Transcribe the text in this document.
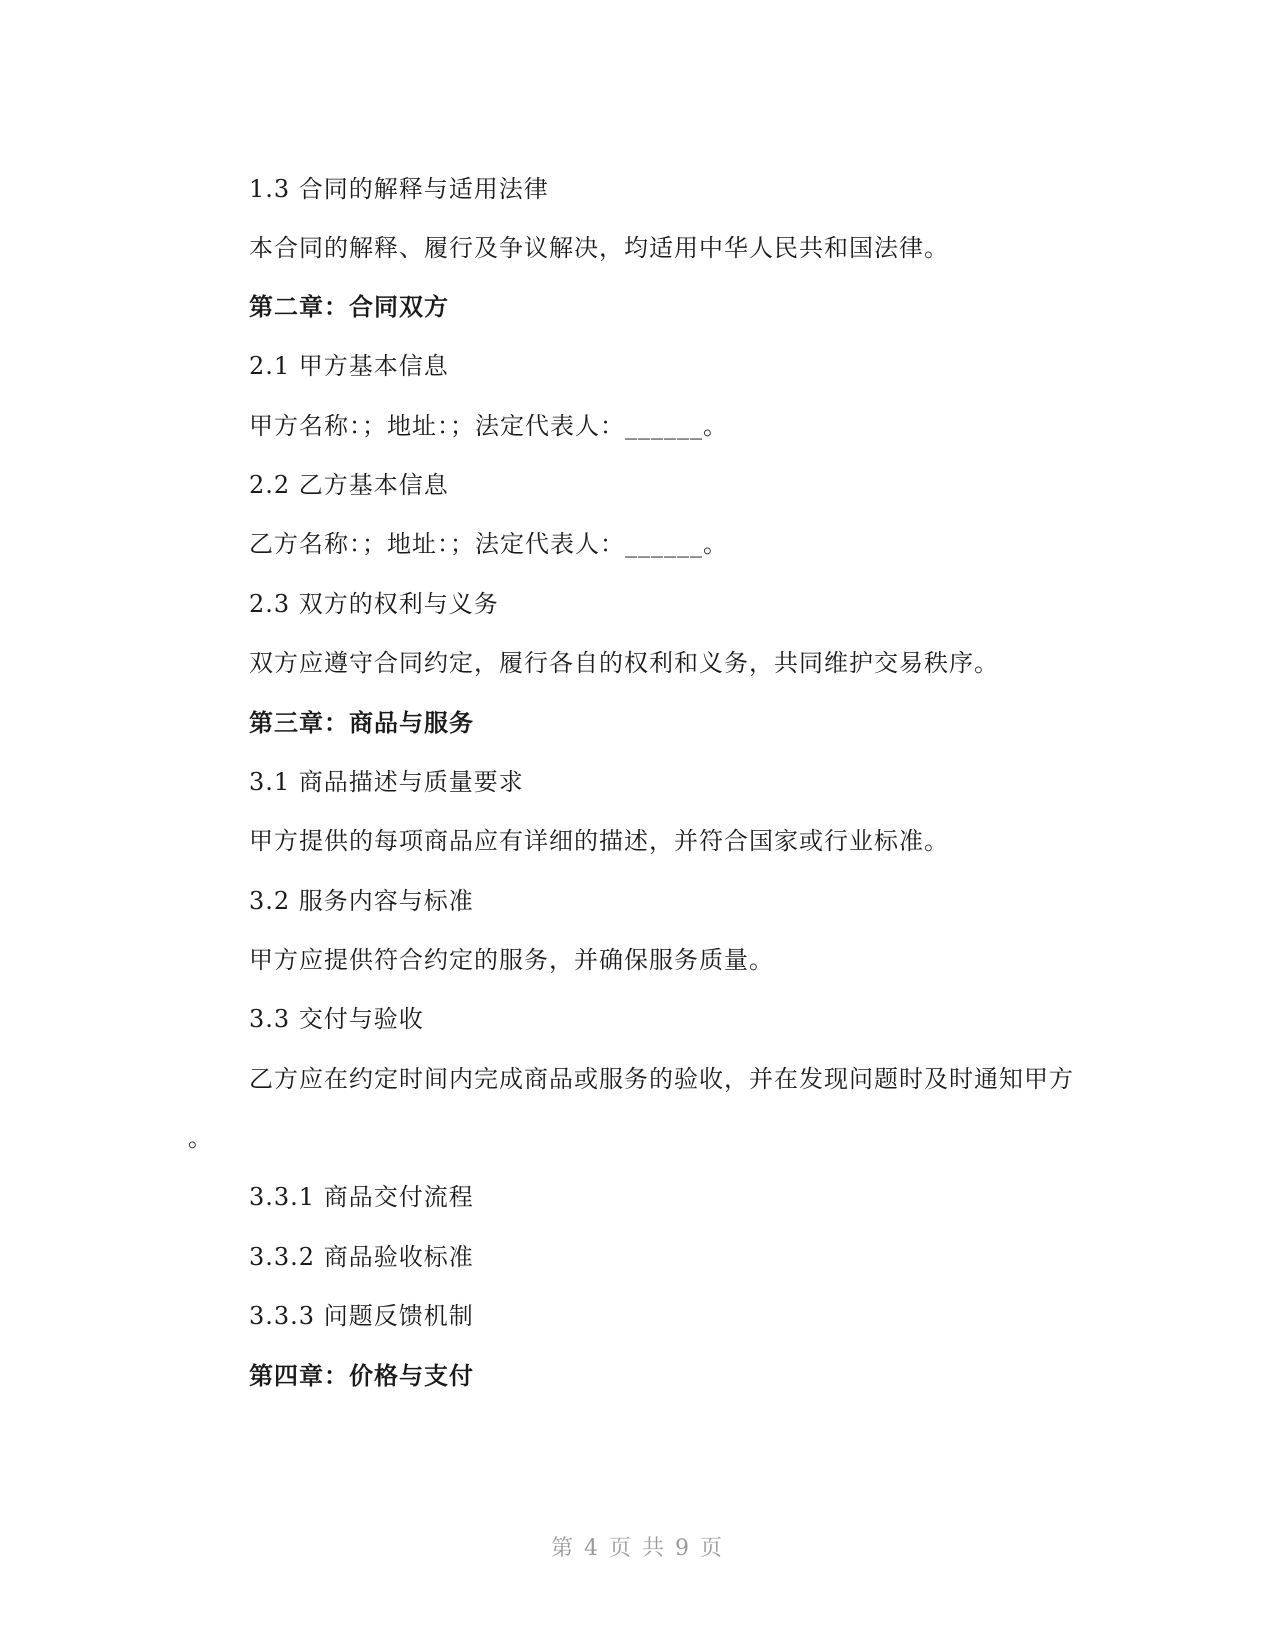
1.3 合同的解释与适用法律
本合同的解释、履行及争议解决，均适用中华人民共和国法律。
第二章：合同双方
2.1 甲方基本信息
甲方名称：；地址：；法定代表人：______。
2.2 乙方基本信息
乙方名称：；地址：；法定代表人：______。
2.3 双方的权利与义务
双方应遵守合同约定，履行各自的权利和义务，共同维护交易秩序。
第三章：商品与服务
3.1 商品描述与质量要求
甲方提供的每项商品应有详细的描述，并符合国家或行业标准。
3.2 服务内容与标准
甲方应提供符合约定的服务，并确保服务质量。
3.3 交付与验收
乙方应在约定时间内完成商品或服务的验收，并在发现问题时及时通知甲方
。
3.3.1 商品交付流程
3.3.2 商品验收标准
3.3.3 问题反馈机制
第四章：价格与支付
第 4 页 共 9 页
